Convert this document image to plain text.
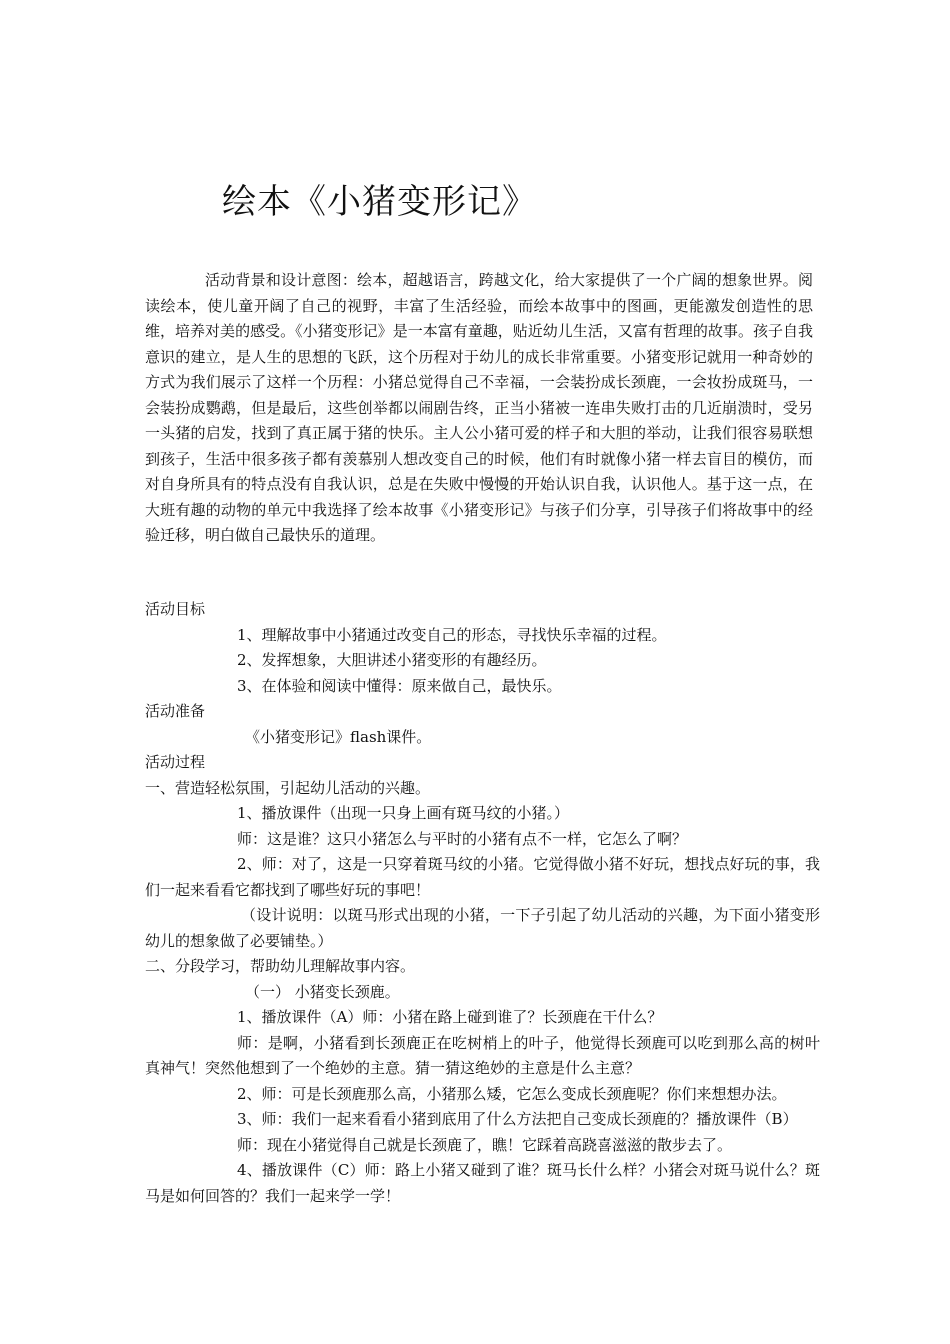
绘本《小猪变形记》

活动背景和设计意图：绘本，超越语言，跨越文化，给大家提供了一个广阔的想象世界。阅读绘本，使儿童开阔了自己的视野，丰富了生活经验，而绘本故事中的图画，更能激发创造性的思维，培养对美的感受。《小猪变形记》是一本富有童趣，贴近幼儿生活，又富有哲理的故事。孩子自我意识的建立，是人生的思想的飞跃，这个历程对于幼儿的成长非常重要。小猪变形记就用一种奇妙的方式为我们展示了这样一个历程：小猪总觉得自己不幸福，一会装扮成长颈鹿，一会妆扮成斑马，一会装扮成鹦鹉，但是最后，这些创举都以闹剧告终，正当小猪被一连串失败打击的几近崩溃时，受另一头猪的启发，找到了真正属于猪的快乐。主人公小猪可爱的样子和大胆的举动，让我们很容易联想到孩子，生活中很多孩子都有羡慕别人想改变自己的时候，他们有时就像小猪一样去盲目的模仿，而对自身所具有的特点没有自我认识，总是在失败中慢慢的开始认识自我，认识他人。基于这一点，在大班有趣的动物的单元中我选择了绘本故事《小猪变形记》与孩子们分享，引导孩子们将故事中的经验迁移，明白做自己最快乐的道理。

活动目标

1、理解故事中小猪通过改变自己的形态，寻找快乐幸福的过程。

2、发挥想象，大胆讲述小猪变形的有趣经历。

3、在体验和阅读中懂得：原来做自己，最快乐。

活动准备

《小猪变形记》flash课件。

活动过程

一、营造轻松氛围，引起幼儿活动的兴趣。

1、播放课件（出现一只身上画有斑马纹的小猪。）

师：这是谁？这只小猪怎么与平时的小猪有点不一样，它怎么了啊？

2、师：对了，这是一只穿着斑马纹的小猪。它觉得做小猪不好玩，想找点好玩的事，我们一起来看看它都找到了哪些好玩的事吧！

（设计说明：以斑马形式出现的小猪，一下子引起了幼儿活动的兴趣，为下面小猪变形幼儿的想象做了必要铺垫。）

二、分段学习，帮助幼儿理解故事内容。

（一） 小猪变长颈鹿。

1、播放课件（A）师：小猪在路上碰到谁了？长颈鹿在干什么？

师：是啊，小猪看到长颈鹿正在吃树梢上的叶子，他觉得长颈鹿可以吃到那么高的树叶真神气！突然他想到了一个绝妙的主意。猜一猜这绝妙的主意是什么主意？

2、师：可是长颈鹿那么高，小猪那么矮，它怎么变成长颈鹿呢？你们来想想办法。

3、师：我们一起来看看小猪到底用了什么方法把自己变成长颈鹿的？播放课件（B）

师：现在小猪觉得自己就是长颈鹿了，瞧！它踩着高跷喜滋滋的散步去了。

4、播放课件（C）师：路上小猪又碰到了谁？斑马长什么样？小猪会对斑马说什么？斑马是如何回答的？我们一起来学一学！
